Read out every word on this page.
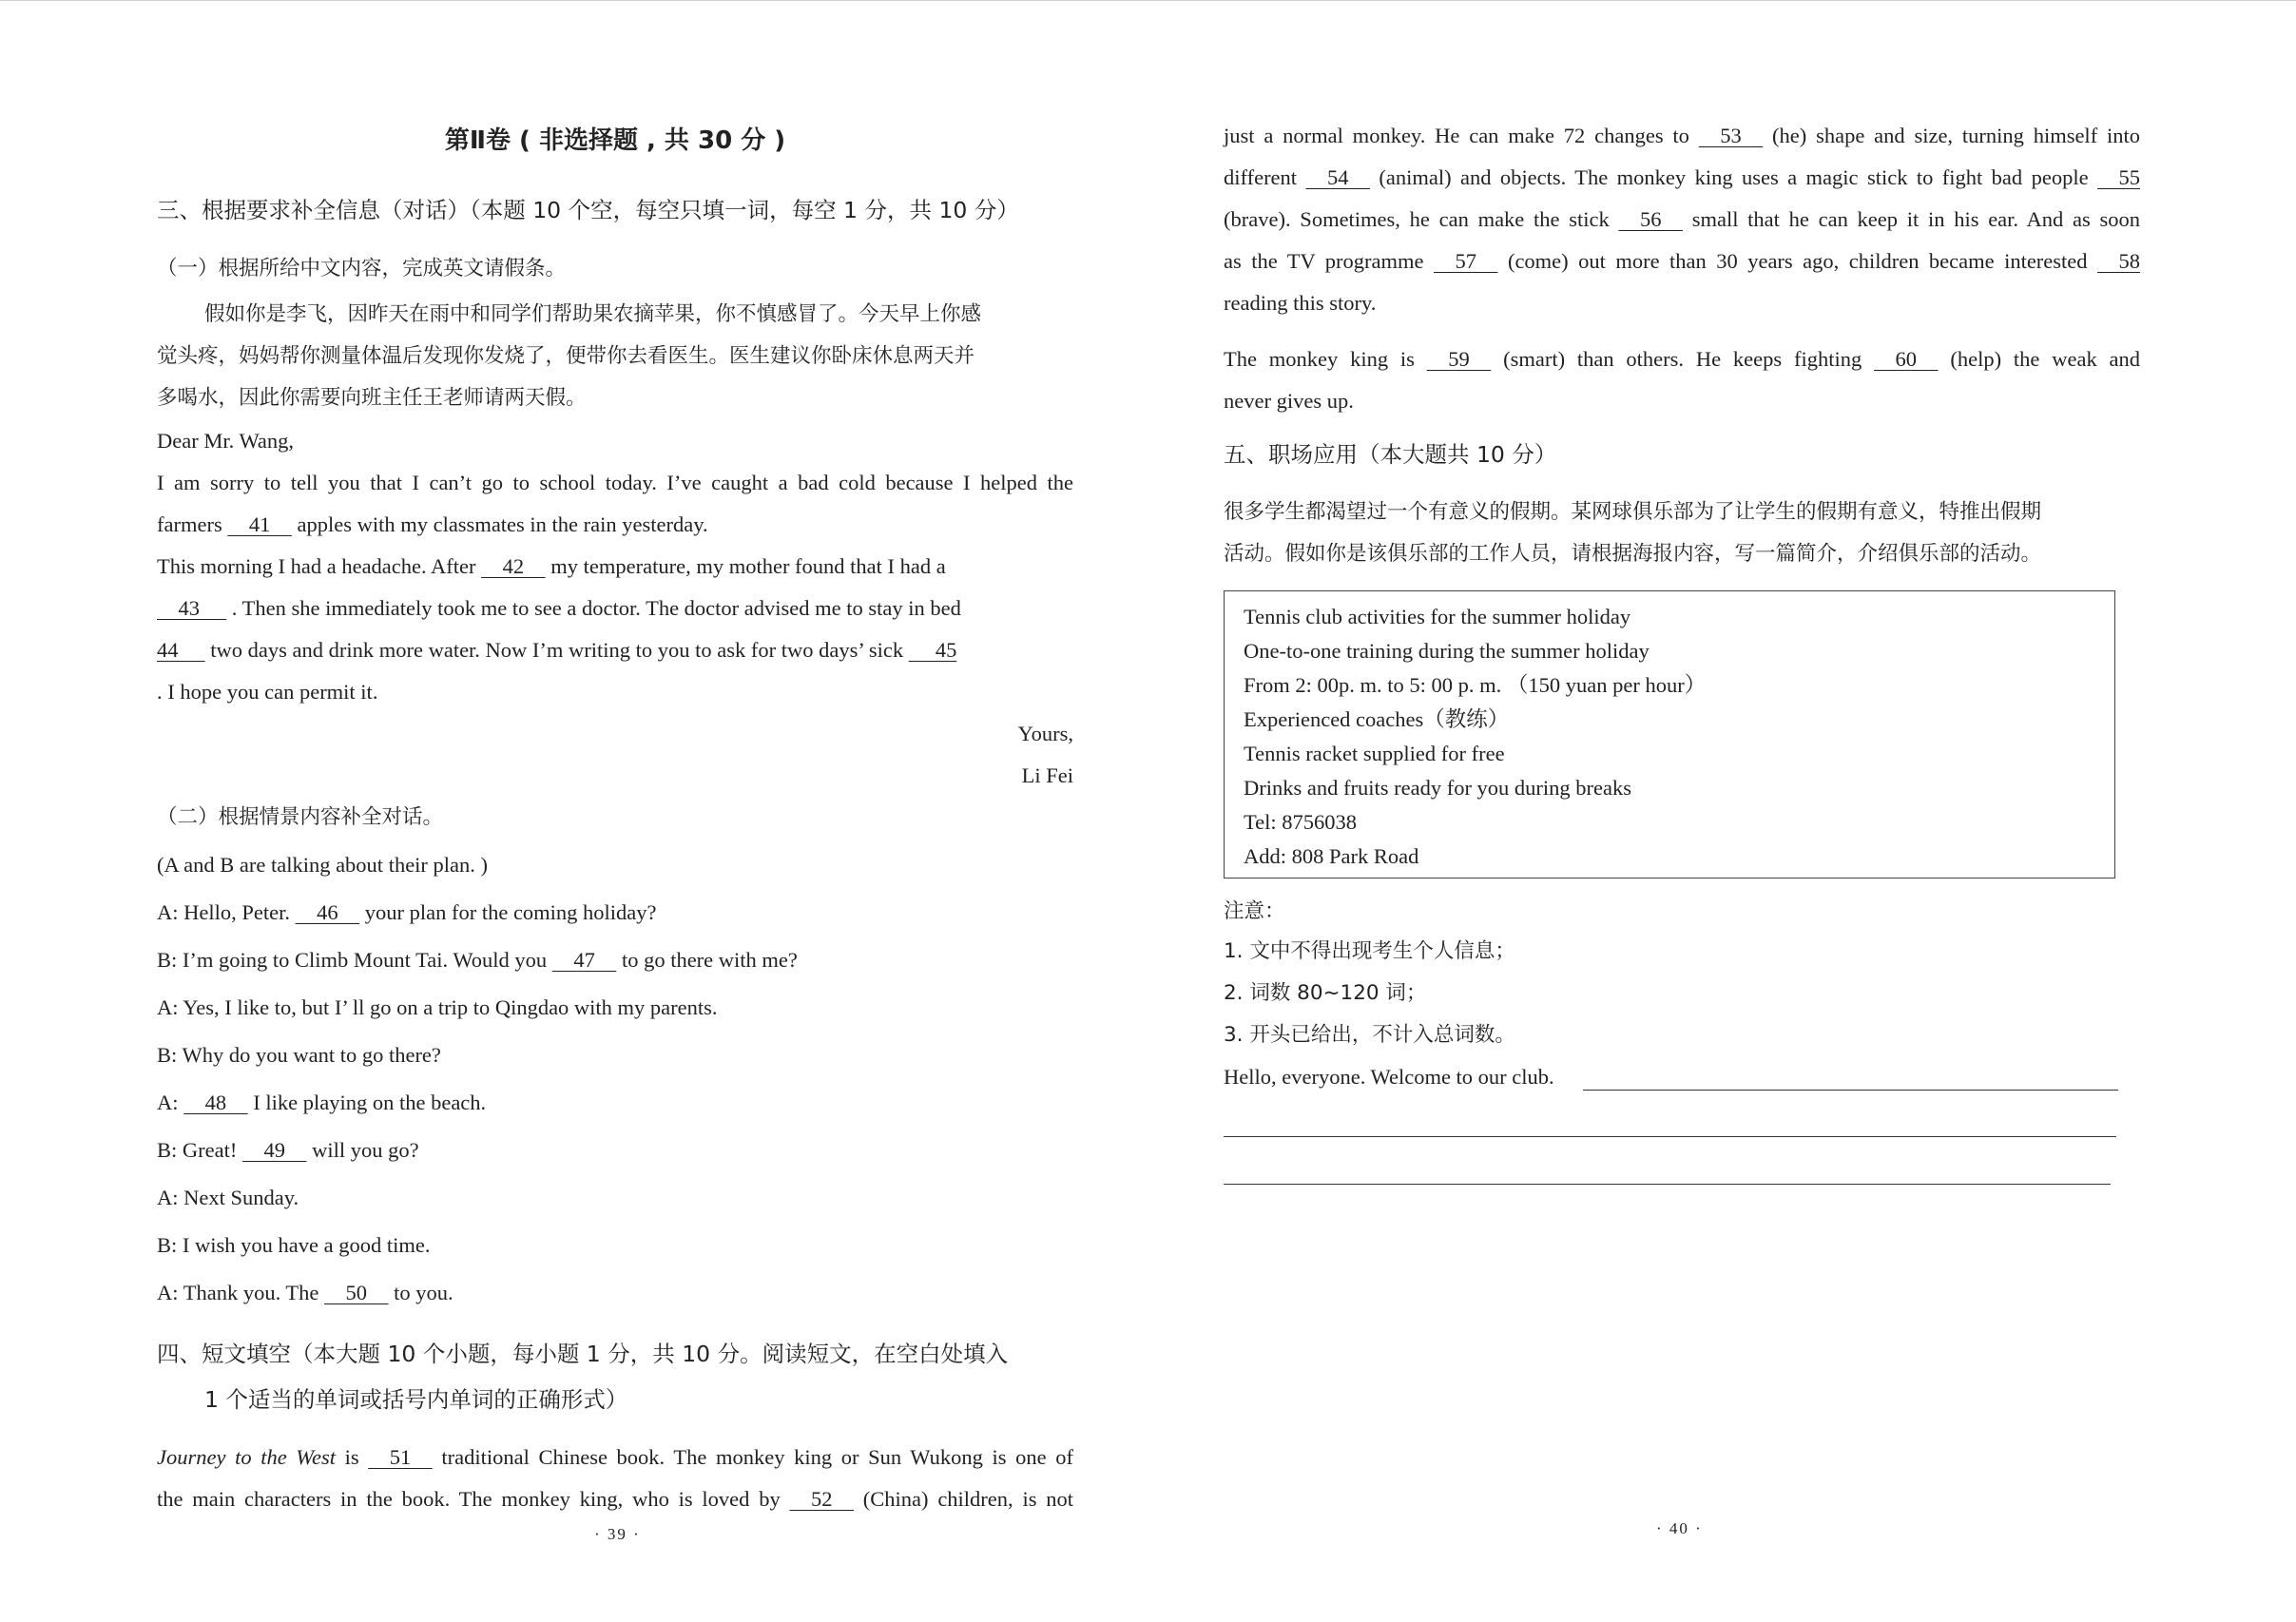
第Ⅱ卷 ( 非选择题 , 共 30 分 )
三、根据要求补全信息（对话）（本题 10 个空，每空只填一词，每空 1 分，共 10 分）
（一）根据所给中文内容，完成英文请假条。
假如你是李飞，因昨天在雨中和同学们帮助果农摘苹果，你不慎感冒了。今天早上你感
觉头疼，妈妈帮你测量体温后发现你发烧了，便带你去看医生。医生建议你卧床休息两天并
多喝水，因此你需要向班主任王老师请两天假。
Dear Mr. Wang,
I am sorry to tell you that I can’t go to school today. I’ve caught a bad cold because I helped the
farmers     41     apples with my classmates in the rain yesterday.
This morning I had a headache. After     42     my temperature, my mother found that I had a
43      . Then she immediately took me to see a doctor. The doctor advised me to stay in bed
44      two days and drink more water. Now I’m writing to you to ask for two days’ sick      45
. I hope you can permit it.
Yours,
Li Fei
（二）根据情景内容补全对话。
(A and B are talking about their plan. )
A: Hello, Peter.     46     your plan for the coming holiday?
B: I’m going to Climb Mount Tai. Would you     47     to go there with me?
A: Yes, I like to, but I’ ll go on a trip to Qingdao with my parents.
B: Why do you want to go there?
A:     48     I like playing on the beach.
B: Great!     49     will you go?
A: Next Sunday.
B: I wish you have a good time.
A: Thank you. The     50     to you.
四、短文填空（本大题 10 个小题，每小题 1 分，共 10 分。阅读短文，在空白处填入
1 个适当的单词或括号内单词的正确形式）
Journey to the West is     51     traditional Chinese book. The monkey king or Sun Wukong is one of
the main characters in the book. The monkey king, who is loved by     52     (China) children, is not
· 39 ·
just a normal monkey. He can make 72 changes to     53     (he) shape and size, turning himself into
different     54     (animal) and objects. The monkey king uses a magic stick to fight bad people     55
(brave). Sometimes, he can make the stick     56     small that he can keep it in his ear. And as soon
as the TV programme     57     (come) out more than 30 years ago, children became interested     58
reading this story.
The monkey king is     59     (smart) than others. He keeps fighting     60     (help) the weak and
never gives up.
五、职场应用（本大题共 10 分）
很多学生都渴望过一个有意义的假期。某网球俱乐部为了让学生的假期有意义，特推出假期
活动。假如你是该俱乐部的工作人员，请根据海报内容，写一篇简介，介绍俱乐部的活动。
Tennis club activities for the summer holiday
One-to-one training during the summer holiday
From 2: 00p. m. to 5: 00 p. m. （150 yuan per hour）
Experienced coaches（教练）
Tennis racket supplied for free
Drinks and fruits ready for you during breaks
Tel: 8756038
Add: 808 Park Road
注意：
1. 文中不得出现考生个人信息；
2. 词数 80~120 词；
3. 开头已给出，不计入总词数。
Hello, everyone. Welcome to our club.
· 40 ·
